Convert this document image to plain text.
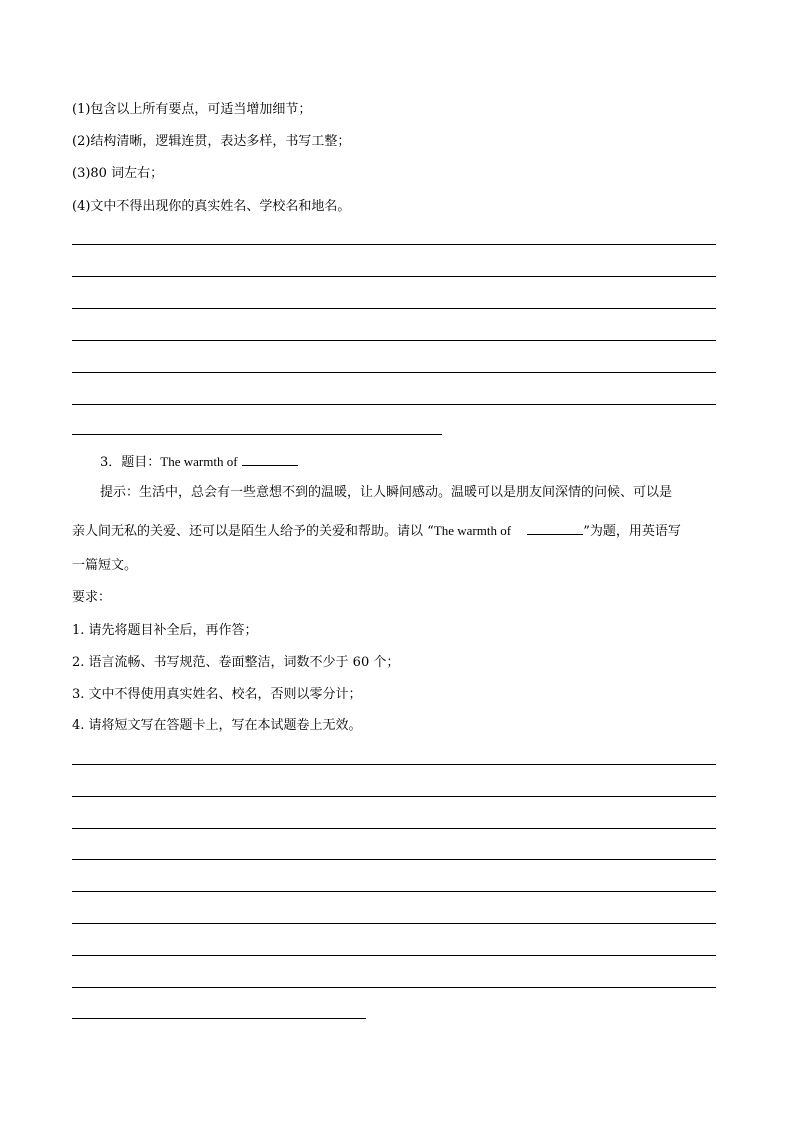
(1)包含以上所有要点，可适当增加细节；
(2)结构清晰，逻辑连贯，表达多样，书写工整；
(3)80 词左右；
(4)文中不得出现你的真实姓名、学校名和地名。
3．题目：The warmth of
提示：生活中，总会有一些意想不到的温暖，让人瞬间感动。温暖可以是朋友间深情的问候、可以是
亲人间无私的关爱、还可以是陌生人给予的关爱和帮助。请以 “The warmth of	”为题，用英语写
一篇短文。
要求：
1. 请先将题目补全后，再作答；
2. 语言流畅、书写规范、卷面整洁，词数不少于 60 个；
3. 文中不得使用真实姓名、校名，否则以零分计；
4. 请将短文写在答题卡上，写在本试题卷上无效。
